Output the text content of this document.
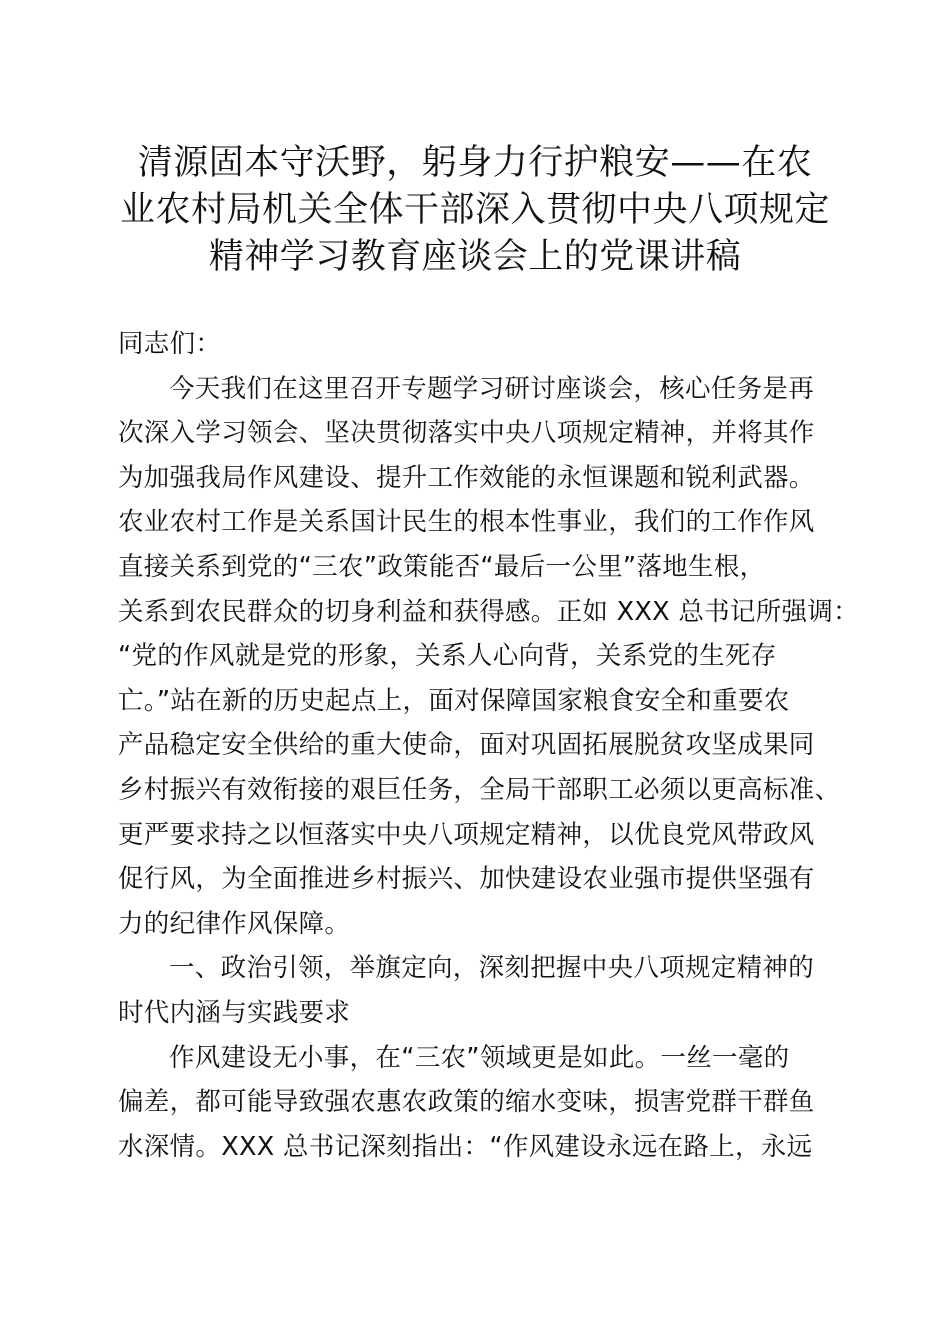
清源固本守沃野，躬身力行护粮安——在农
业农村局机关全体干部深入贯彻中央八项规定
精神学习教育座谈会上的党课讲稿
同志们：
今天我们在这里召开专题学习研讨座谈会，核心任务是再
次深入学习领会、坚决贯彻落实中央八项规定精神，并将其作
为加强我局作风建设、提升工作效能的永恒课题和锐利武器。
农业农村工作是关系国计民生的根本性事业，我们的工作作风
直接关系到党的“三农”政策能否“最后一公里”落地生根，
关系到农民群众的切身利益和获得感。正如 XXX 总书记所强调：
“党的作风就是党的形象，关系人心向背，关系党的生死存
亡。”站在新的历史起点上，面对保障国家粮食安全和重要农
产品稳定安全供给的重大使命，面对巩固拓展脱贫攻坚成果同
乡村振兴有效衔接的艰巨任务，全局干部职工必须以更高标准、
更严要求持之以恒落实中央八项规定精神，以优良党风带政风
促行风，为全面推进乡村振兴、加快建设农业强市提供坚强有
力的纪律作风保障。
一、政治引领，举旗定向，深刻把握中央八项规定精神的
时代内涵与实践要求
作风建设无小事，在“三农”领域更是如此。一丝一毫的
偏差，都可能导致强农惠农政策的缩水变味，损害党群干群鱼
水深情。XXX 总书记深刻指出：“作风建设永远在路上，永远
